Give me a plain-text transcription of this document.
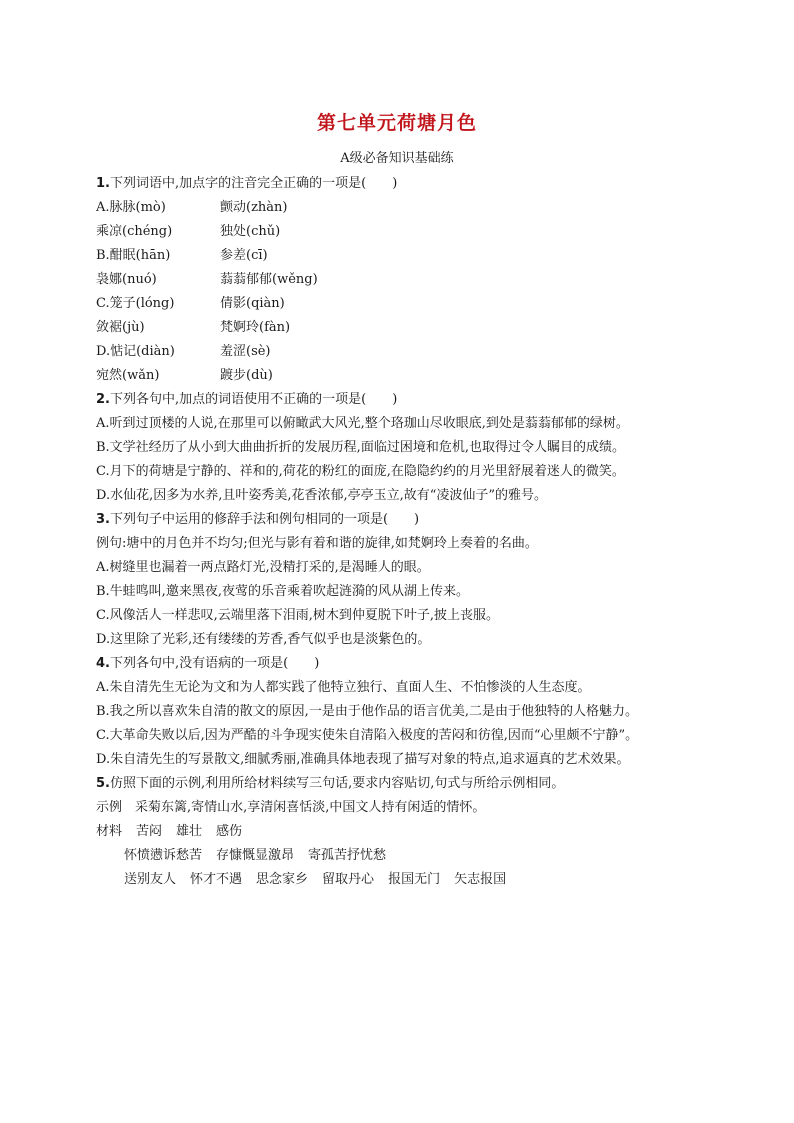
第七单元荷塘月色
A级必备知识基础练
1.下列词语中,加点字的注音完全正确的一项是(　　)
A.脉脉(mò)	颤动(zhàn)
乘凉(chéng)	独处(chǔ)
B.酣眠(hān)	参差(cī)
袅娜(nuó)	蓊蓊郁郁(wěng)
C.笼子(lóng)	倩影(qiàn)
敛裾(jù)	梵婀玲(fàn)
D.惦记(diàn)	羞涩(sè)
宛然(wǎn)	踱步(dù)
2.下列各句中,加点的词语使用不正确的一项是(　　)
A.听到过顶楼的人说,在那里可以俯瞰武大风光,整个珞珈山尽收眼底,到处是蓊蓊郁郁的绿树。
B.文学社经历了从小到大曲曲折折的发展历程,面临过困境和危机,也取得过令人瞩目的成绩。
C.月下的荷塘是宁静的、祥和的,荷花的粉红的面庞,在隐隐约约的月光里舒展着迷人的微笑。
D.水仙花,因多为水养,且叶姿秀美,花香浓郁,亭亭玉立,故有“凌波仙子”的雅号。
3.下列句子中运用的修辞手法和例句相同的一项是(　　)
例句:塘中的月色并不均匀;但光与影有着和谐的旋律,如梵婀玲上奏着的名曲。
A.树缝里也漏着一两点路灯光,没精打采的,是渴睡人的眼。
B.牛蛙鸣叫,邀来黑夜,夜莺的乐音乘着吹起涟漪的风从湖上传来。
C.风像活人一样悲叹,云端里落下泪雨,树木到仲夏脱下叶子,披上丧服。
D.这里除了光彩,还有缕缕的芳香,香气似乎也是淡紫色的。
4.下列各句中,没有语病的一项是(　　)
A.朱自清先生无论为文和为人都实践了他特立独行、直面人生、不怕惨淡的人生态度。
B.我之所以喜欢朱自清的散文的原因,一是由于他作品的语言优美,二是由于他独特的人格魅力。
C.大革命失败以后,因为严酷的斗争现实使朱自清陷入极度的苦闷和彷徨,因而“心里颇不宁静”。
D.朱自清先生的写景散文,细腻秀丽,准确具体地表现了描写对象的特点,追求逼真的艺术效果。
5.仿照下面的示例,利用所给材料续写三句话,要求内容贴切,句式与所给示例相同。
示例　采菊东篱,寄情山水,享清闲喜恬淡,中国文人持有闲适的情怀。
材料 苦闷 雄壮 感伤
怀愤懑诉愁苦 存慷慨显激昂 寄孤苦抒忧愁
送别友人 怀才不遇 思念家乡 留取丹心 报国无门 矢志报国
